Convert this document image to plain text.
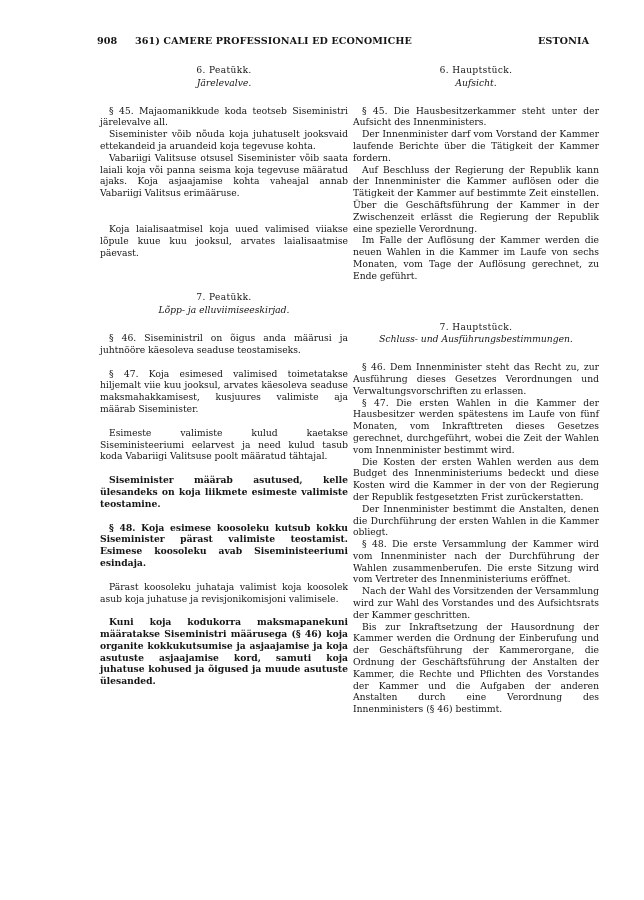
908 361) CAMERE PROFESSIONALI ED ECONOMICHE	ESTONIA

6. Peatükk.

Järelevalve.

§ 45. Majaomanikkude koda teotseb Siseministri järelevalve all.

Siseminister võib nõuda koja juhatuselt jooksvaid ettekandeid ja aruandeid koja tegevuse kohta.

Vabariigi Valitsuse otsusel Siseminister võib saata laiali koja või panna seisma koja tegevuse määratud ajaks. Koja asjaajamise kohta vaheajal annab Vabariigi Valitsus erimääruse.

Koja laialisaatmisel koja uued valimised viiakse lõpule kuue kuu jooksul, arvates laialisaatmise päevast.

7. Peatükk.

Lõpp- ja elluviimiseeskirjad.

§ 46. Siseministril on õigus anda määrusi ja juhtnööre käesoleva seaduse teostamiseks.

§ 47. Koja esimesed valimised toimetatakse hiljemalt viie kuu jooksul, arvates käesoleva seaduse maksmahakkamisest, kusjuures valimiste aja määrab Siseminister.

Esimeste valimiste kulud kaetakse Siseministeeriumi eelarvest ja need kulud tasub koda Vabariigi Valitsuse poolt määratud tähtajal.

Siseminister määrab asutused, kelle ülesandeks on koja liikmete esimeste valimiste teostamine.

§ 48. Koja esimese koosoleku kutsub kokku Siseminister pärast valimiste teostamist. Esimese koosoleku avab Siseministeeriumi esindaja.

Pärast koosoleku juhataja valimist koja koosolek asub koja juhatuse ja revisjonikomisjoni valimisele.

Kuni koja kodukorra maksmapanekuni määratakse Siseministri määrusega (§ 46) koja organite kokkukutsumise ja asjaajamise ja koja asutuste asjaajamise kord, samuti koja juhatuse kohused ja õigused ja muude asutuste ülesanded.

6. Hauptstück.

Aufsicht.

§ 45. Die Hausbesitzerkammer steht unter der Aufsicht des Innenministers.

Der Innenminister darf vom Vorstand der Kammer laufende Berichte über die Tätigkeit der Kammer fordern.

Auf Beschluss der Regierung der Republik kann der Innenminister die Kammer auflösen oder die Tätigkeit der Kammer auf bestimmte Zeit einstellen. Über die Geschäftsführung der Kammer in der Zwischenzeit erlässt die Regierung der Republik eine spezielle Verordnung.

Im Falle der Auflösung der Kammer werden die neuen Wahlen in die Kammer im Laufe von sechs Monaten, vom Tage der Auflösung gerechnet, zu Ende geführt.

7. Hauptstück.

Schluss- und Ausführungsbestimmungen.

§ 46. Dem Innenminister steht das Recht zu, zur Ausführung dieses Gesetzes Verordnungen und Verwaltungsvorschriften zu erlassen.

§ 47. Die ersten Wahlen in die Kammer der Hausbesitzer werden spätestens im Laufe von fünf Monaten, vom Inkrafttreten dieses Gesetzes gerechnet, durchgeführt, wobei die Zeit der Wahlen vom Innenminister bestimmt wird.

Die Kosten der ersten Wahlen werden aus dem Budget des Innenministeriums bedeckt und diese Kosten wird die Kammer in der von der Regierung der Republik festgesetzten Frist zurückerstatten.

Der Innenminister bestimmt die Anstalten, denen die Durchführung der ersten Wahlen in die Kammer obliegt.

§ 48. Die erste Versammlung der Kammer wird vom Innenminister nach der Durchführung der Wahlen zusammenberufen. Die erste Sitzung wird vom Vertreter des Innenministeriums eröffnet.

Nach der Wahl des Vorsitzenden der Versammlung wird zur Wahl des Vorstandes und des Aufsichtsrats der Kammer geschritten.

Bis zur Inkraftsetzung der Hausordnung der Kammer werden die Ordnung der Einberufung und der Geschäftsführung der Kammerorgane, die Ordnung der Geschäftsführung der Anstalten der Kammer, die Rechte und Pflichten des Vorstandes der Kammer und die Aufgaben der anderen Anstalten durch eine Verordnung des Innenministers (§ 46) bestimmt.
